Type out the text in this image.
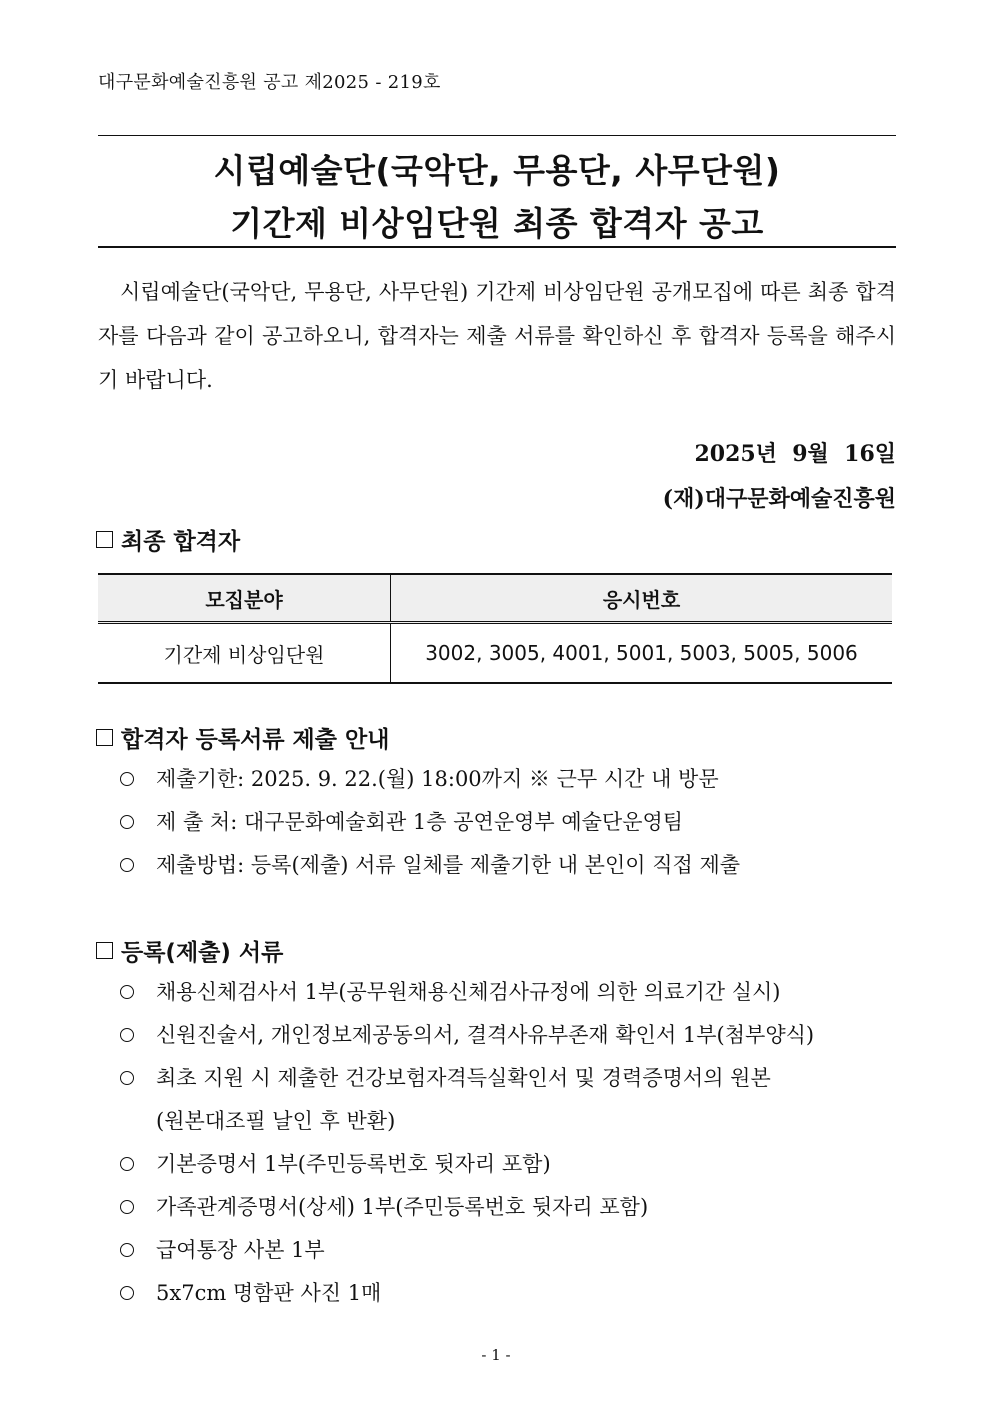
대구문화예술진흥원 공고 제2025 - 219호
시립예술단(국악단, 무용단, 사무단원)
기간제 비상임단원 최종 합격자 공고
시립예술단(국악단, 무용단, 사무단원) 기간제 비상임단원 공개모집에 따른 최종 합격자를 다음과 같이 공고하오니, 합격자는 제출 서류를 확인하신 후 합격자 등록을 해주시기 바랍니다.
2025년  9월  16일
(재)대구문화예술진흥원
최종 합격자
모집분야	응시번호
기간제 비상임단원	3002, 3005, 4001, 5001, 5003, 5005, 5006
합격자 등록서류 제출 안내
제출기한: 2025. 9. 22.(월) 18:00까지 ※ 근무 시간 내 방문
제 출 처: 대구문화예술회관 1층 공연운영부 예술단운영팀
제출방법: 등록(제출) 서류 일체를 제출기한 내 본인이 직접 제출
등록(제출) 서류
채용신체검사서 1부(공무원채용신체검사규정에 의한 의료기간 실시)
신원진술서, 개인정보제공동의서, 결격사유부존재 확인서 1부(첨부양식)
최초 지원 시 제출한 건강보험자격득실확인서 및 경력증명서의 원본
(원본대조필 날인 후 반환)
기본증명서 1부(주민등록번호 뒷자리 포함)
가족관계증명서(상세) 1부(주민등록번호 뒷자리 포함)
급여통장 사본 1부
5x7cm 명함판 사진 1매
- 1 -
